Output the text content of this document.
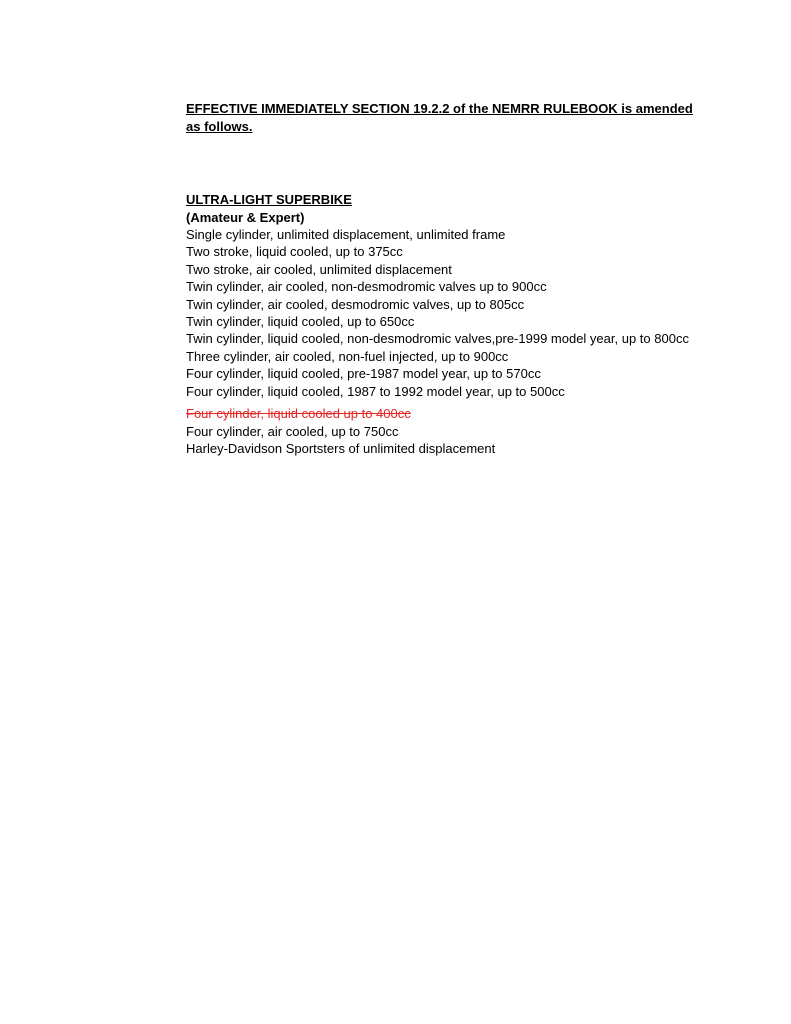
EFFECTIVE IMMEDIATELY SECTION 19.2.2 of the NEMRR RULEBOOK is amended as follows.
ULTRA-LIGHT SUPERBIKE
(Amateur & Expert)
Single cylinder, unlimited displacement, unlimited frame
Two stroke, liquid cooled, up to 375cc
Two stroke, air cooled, unlimited displacement
Twin cylinder, air cooled, non-desmodromic valves up to 900cc
Twin cylinder, air cooled, desmodromic valves, up to 805cc
Twin cylinder, liquid cooled, up to 650cc
Twin cylinder, liquid cooled, non-desmodromic valves,pre-1999 model year, up to 800cc
Three cylinder, air cooled, non-fuel injected, up to 900cc
Four cylinder, liquid cooled, pre-1987 model year, up to 570cc
Four cylinder, liquid cooled, 1987 to 1992 model year, up to 500cc
Four cylinder, liquid cooled up to 400cc
Four cylinder, air cooled, up to 750cc
Harley-Davidson Sportsters of unlimited displacement
